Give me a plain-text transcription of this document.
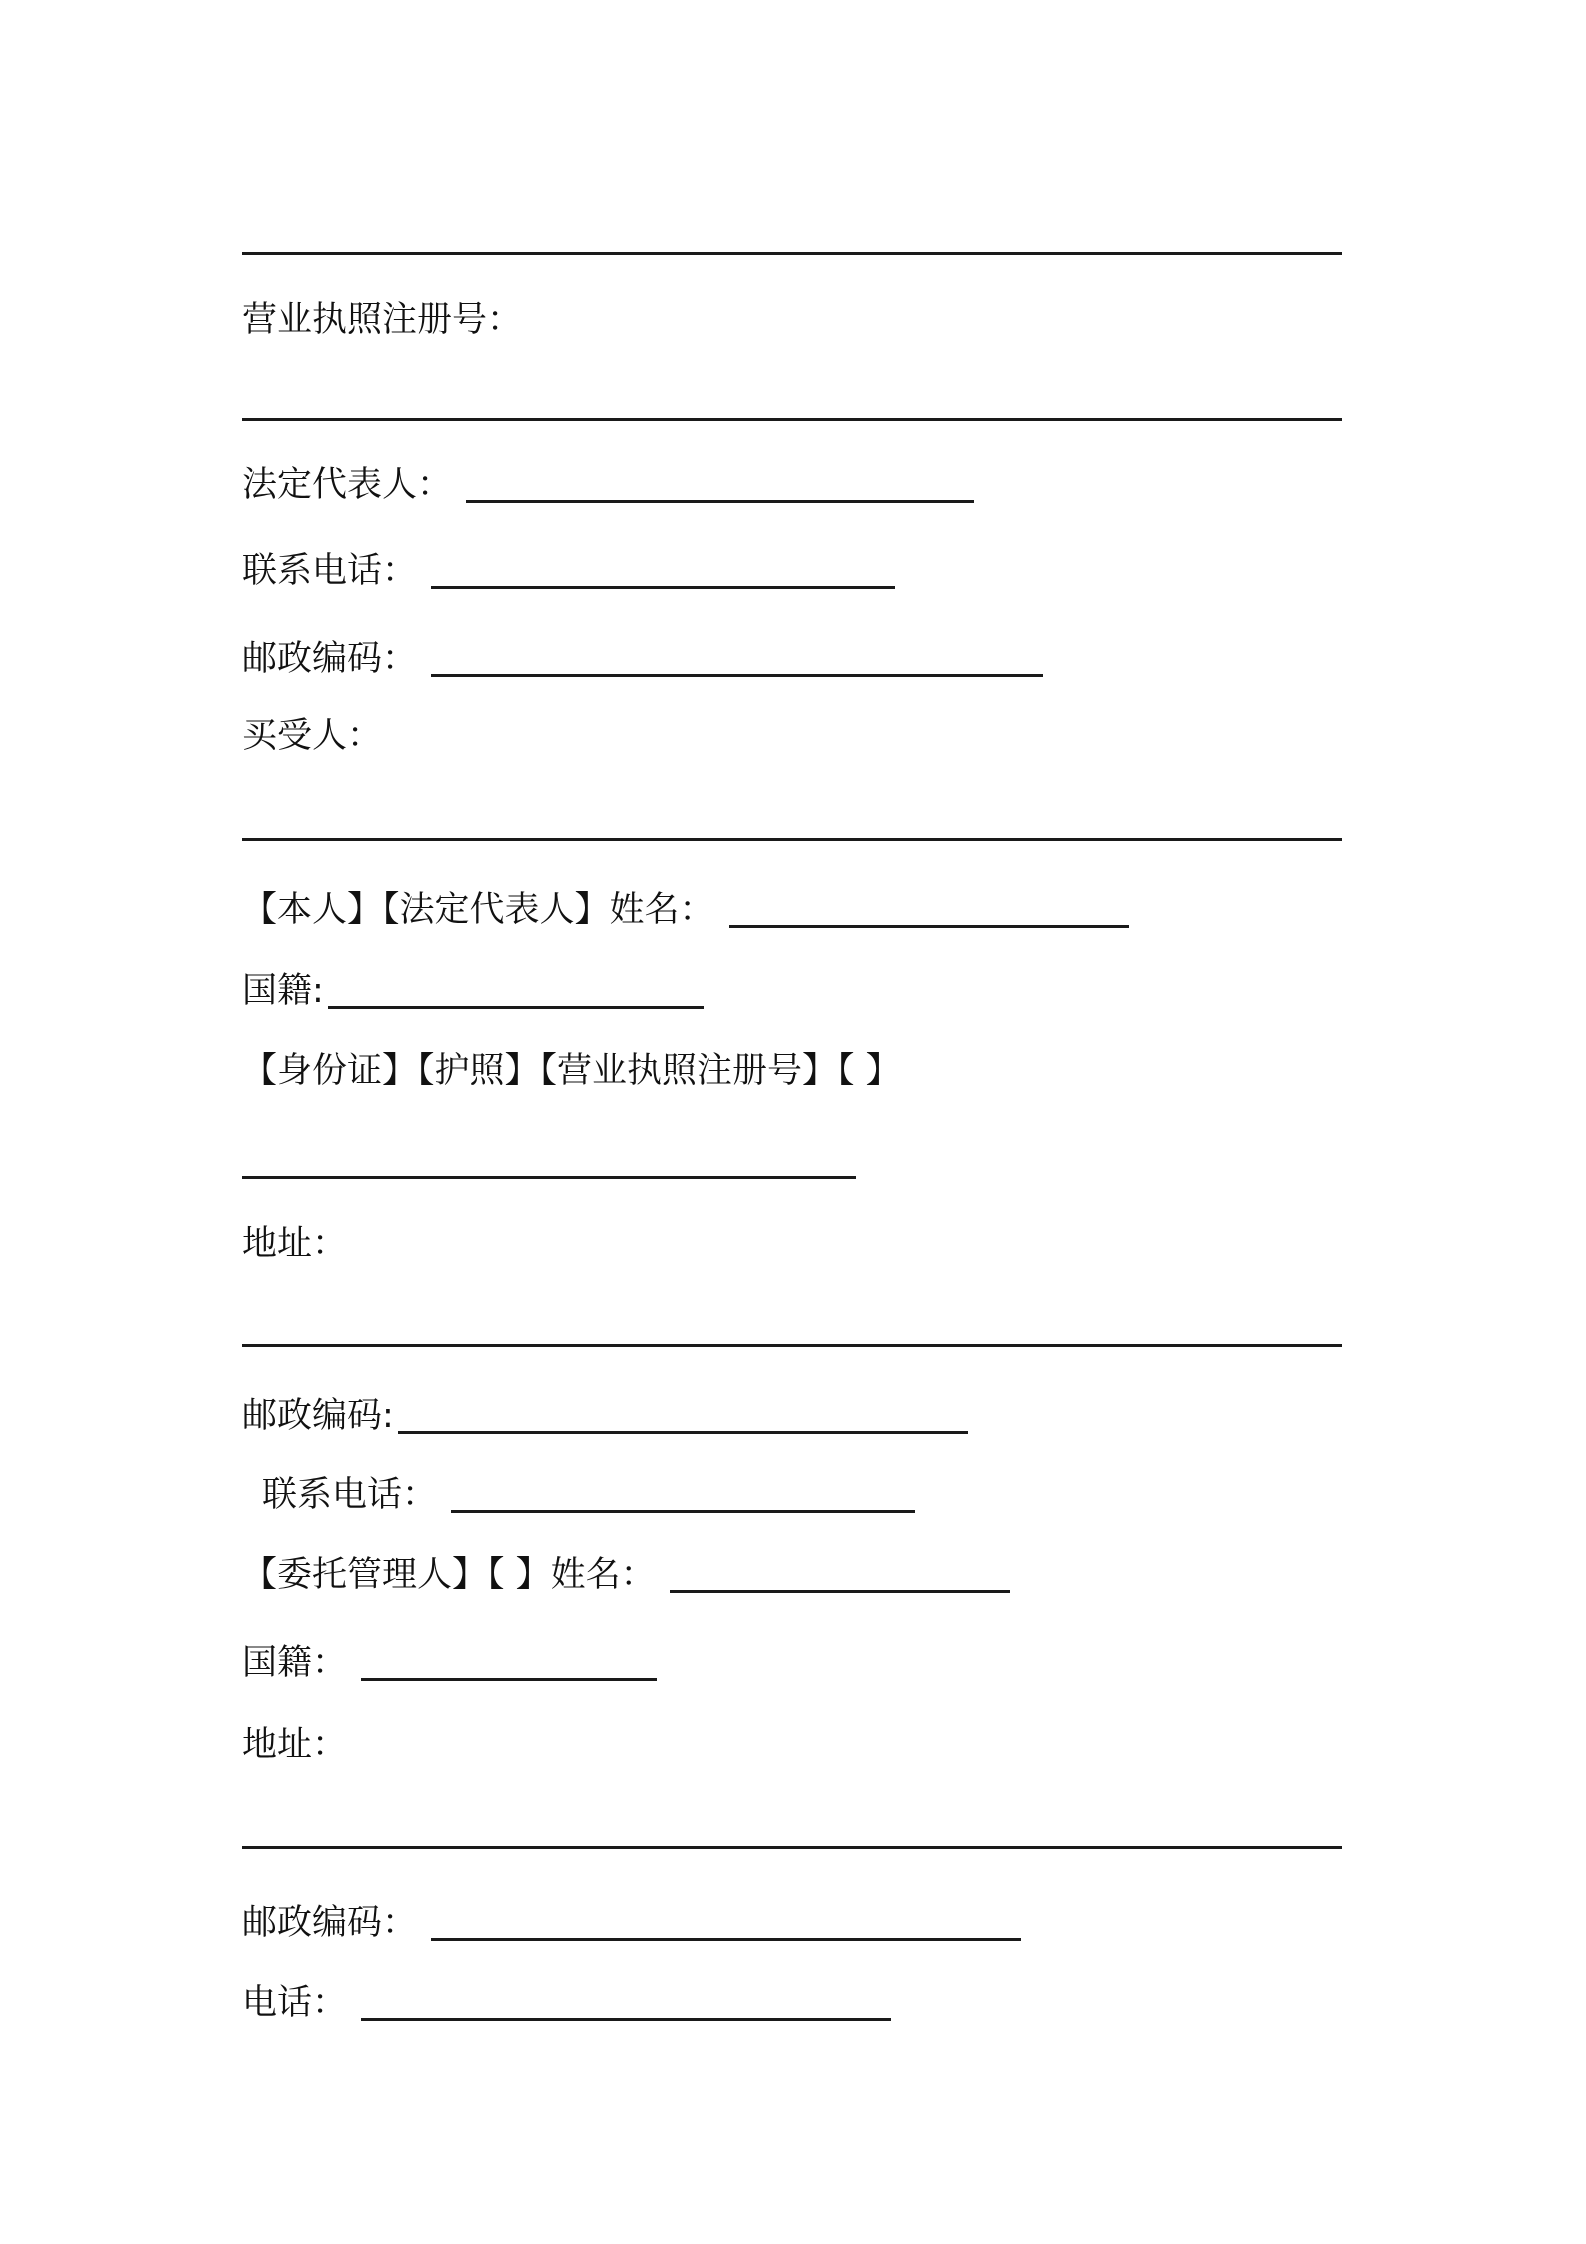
营业执照注册号：
法定代表人：
联系电话：
邮政编码：
买受人：
【本人】【法定代表人】姓名：
国籍:
【身份证】【护照】【营业执照注册号】【 】
地址：
邮政编码:
联系电话：
【委托管理人】【 】姓名：
国籍：
地址：
邮政编码：
电话：
